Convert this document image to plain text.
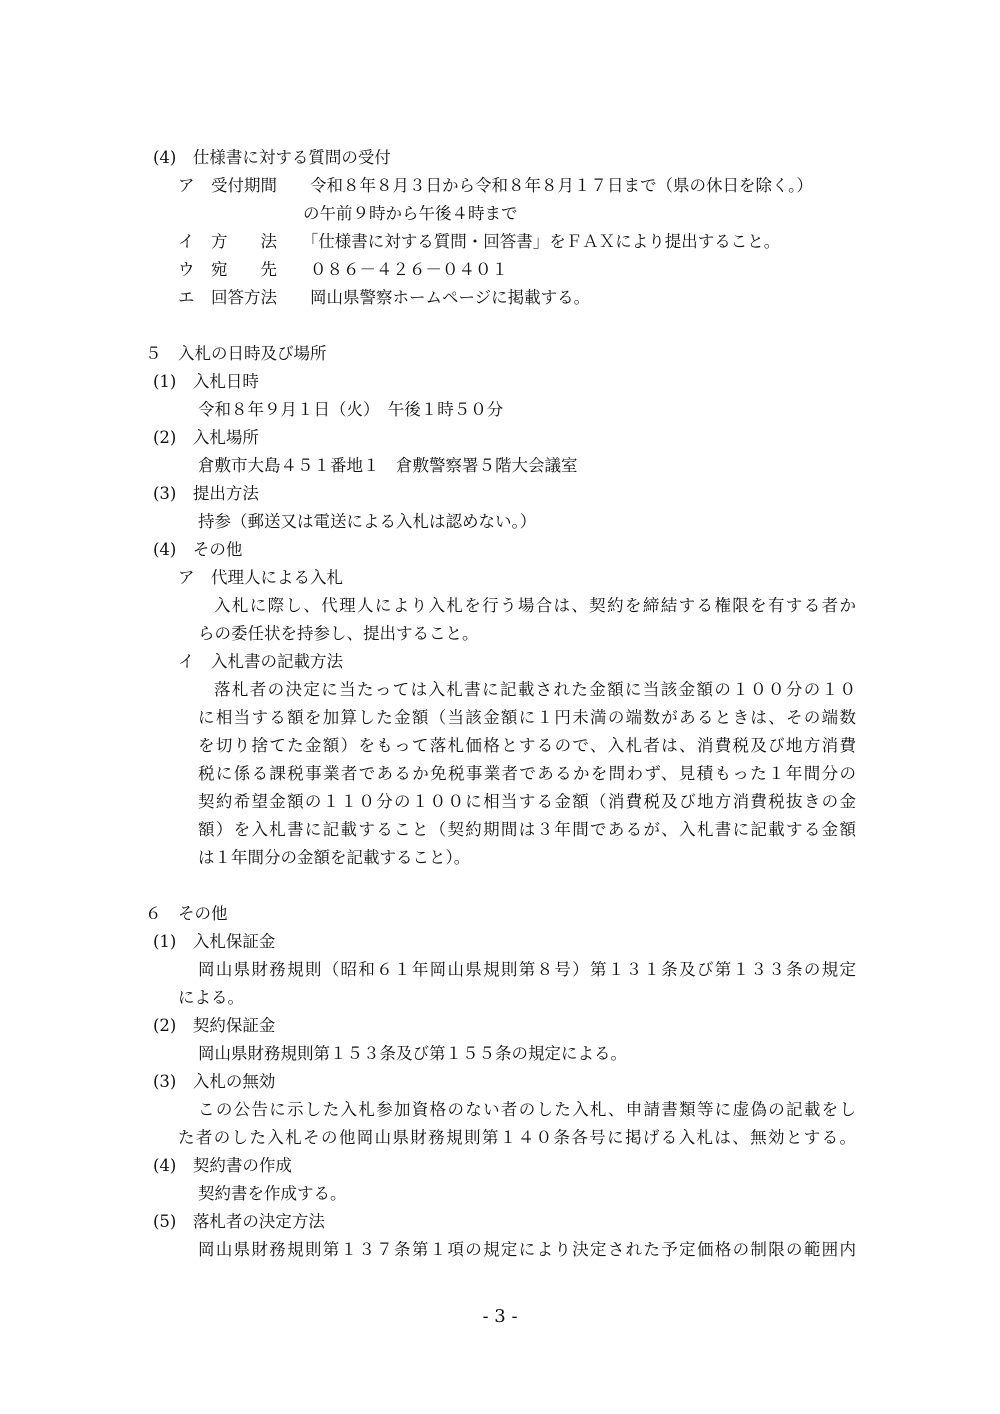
(4)　仕様書に対する質問の受付
ア　受付期間　　令和８年８月３日から令和８年８月１７日まで（県の休日を除く。）
の午前９時から午後４時まで
イ　方　　法　　「仕様書に対する質問・回答書」をＦＡＸにより提出すること。
ウ　宛　　先　　０８６－４２６－０４０１
エ　回答方法　　岡山県警察ホームページに掲載する。
５　入札の日時及び場所
(1)　入札日時
令和８年９月１日（火）　午後１時５０分
(2)　入札場所
倉敷市大島４５１番地１　倉敷警察署５階大会議室
(3)　提出方法
持参（郵送又は電送による入札は認めない。）
(4)　その他
ア　代理人による入札
入札に際し、代理人により入札を行う場合は、契約を締結する権限を有する者か
らの委任状を持参し、提出すること。
イ　入札書の記載方法
落札者の決定に当たっては入札書に記載された金額に当該金額の１００分の１０
に相当する額を加算した金額（当該金額に１円未満の端数があるときは、その端数
を切り捨てた金額）をもって落札価格とするので、入札者は、消費税及び地方消費
税に係る課税事業者であるか免税事業者であるかを問わず、見積もった１年間分の
契約希望金額の１１０分の１００に相当する金額（消費税及び地方消費税抜きの金
額）を入札書に記載すること（契約期間は３年間であるが、入札書に記載する金額
は１年間分の金額を記載すること）。
６　その他
(1)　入札保証金
岡山県財務規則（昭和６１年岡山県規則第８号）第１３１条及び第１３３条の規定
による。
(2)　契約保証金
岡山県財務規則第１５３条及び第１５５条の規定による。
(3)　入札の無効
この公告に示した入札参加資格のない者のした入札、申請書類等に虚偽の記載をし
た者のした入札その他岡山県財務規則第１４０条各号に掲げる入札は、無効とする。
(4)　契約書の作成
契約書を作成する。
(5)　落札者の決定方法
岡山県財務規則第１３７条第１項の規定により決定された予定価格の制限の範囲内
- 3 -
